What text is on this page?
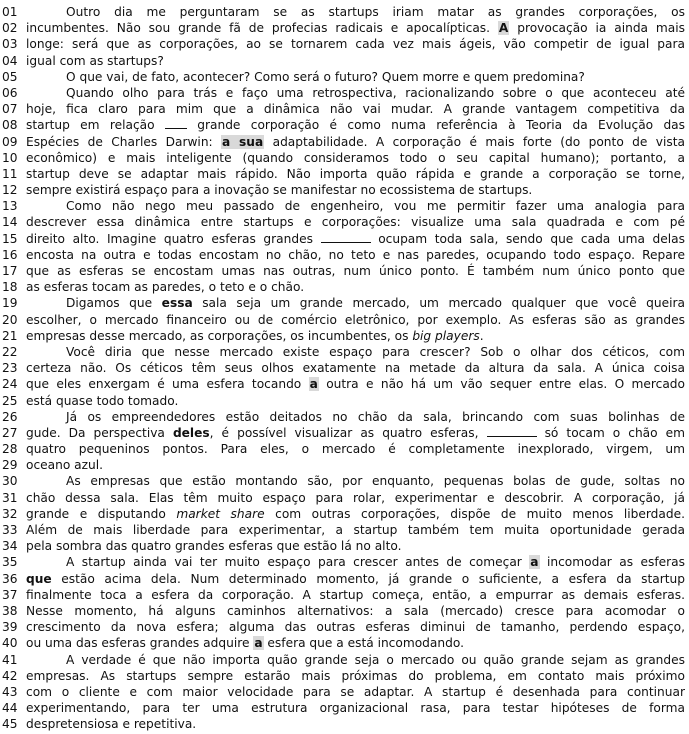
01	Outro dia me perguntaram se as startups iriam matar as grandes corporações, os
02 incumbentes. Não sou grande fã de profecias radicais e apocalípticas. A provocação ia ainda mais
03 longe: será que as corporações, ao se tornarem cada vez mais ágeis, vão competir de igual para
04 igual com as startups?
05	O que vai, de fato, acontecer? Como será o futuro? Quem morre e quem predomina?
06	Quando olho para trás e faço uma retrospectiva, racionalizando sobre o que aconteceu até
07 hoje, fica claro para mim que a dinâmica não vai mudar. A grande vantagem competitiva da
08 startup em relação  grande corporação é como numa referência à Teoria da Evolução das
09 Espécies de Charles Darwin: a sua adaptabilidade. A corporação é mais forte (do ponto de vista
10 econômico) e mais inteligente (quando consideramos todo o seu capital humano); portanto, a
11 startup deve se adaptar mais rápido. Não importa quão rápida e grande a corporação se torne,
12 sempre existirá espaço para a inovação se manifestar no ecossistema de startups.
13	Como não nego meu passado de engenheiro, vou me permitir fazer uma analogia para
14 descrever essa dinâmica entre startups e corporações: visualize uma sala quadrada e com pé
15 direito alto. Imagine quatro esferas grandes	ocupam toda sala, sendo que cada uma delas
16 encosta na outra e todas encostam no chão, no teto e nas paredes, ocupando todo espaço. Repare
17 que as esferas se encostam umas nas outras, num único ponto. É também num único ponto que
18 as esferas tocam as paredes, o teto e o chão.
19	Digamos que essa sala seja um grande mercado, um mercado qualquer que você queira
20 escolher, o mercado financeiro ou de comércio eletrônico, por exemplo. As esferas são as grandes
21 empresas desse mercado, as corporações, os incumbentes, os big players.
22	Você diria que nesse mercado existe espaço para crescer? Sob o olhar dos céticos, com
23 certeza não. Os céticos têm seus olhos exatamente na metade da altura da sala. A única coisa
24 que eles enxergam é uma esfera tocando a outra e não há um vão sequer entre elas. O mercado
25 está quase todo tomado.
26	Já os empreendedores estão deitados no chão da sala, brincando com suas bolinhas de
27 gude. Da perspectiva deles, é possível visualizar as quatro esferas,	só tocam o chão em
28 quatro pequeninos pontos. Para eles, o mercado é completamente inexplorado, virgem, um
29 oceano azul.
30	As empresas que estão montando são, por enquanto, pequenas bolas de gude, soltas no
31 chão dessa sala. Elas têm muito espaço para rolar, experimentar e descobrir. A corporação, já
32 grande e disputando market share com outras corporações, dispõe de muito menos liberdade.
33 Além de mais liberdade para experimentar, a startup também tem muita oportunidade gerada
34 pela sombra das quatro grandes esferas que estão lá no alto.
35	A startup ainda vai ter muito espaço para crescer antes de começar a incomodar as esferas
36 que estão acima dela. Num determinado momento, já grande o suficiente, a esfera da startup
37 finalmente toca a esfera da corporação. A startup começa, então, a empurrar as demais esferas.
38 Nesse momento, há alguns caminhos alternativos: a sala (mercado) cresce para acomodar o
39 crescimento da nova esfera; alguma das outras esferas diminui de tamanho, perdendo espaço,
40 ou uma das esferas grandes adquire a esfera que a está incomodando.
41	A verdade é que não importa quão grande seja o mercado ou quão grande sejam as grandes
42 empresas. As startups sempre estarão mais próximas do problema, em contato mais próximo
43 com o cliente e com maior velocidade para se adaptar. A startup é desenhada para continuar
44 experimentando, para ter uma estrutura organizacional rasa, para testar hipóteses de forma
45 despretensiosa e repetitiva.
